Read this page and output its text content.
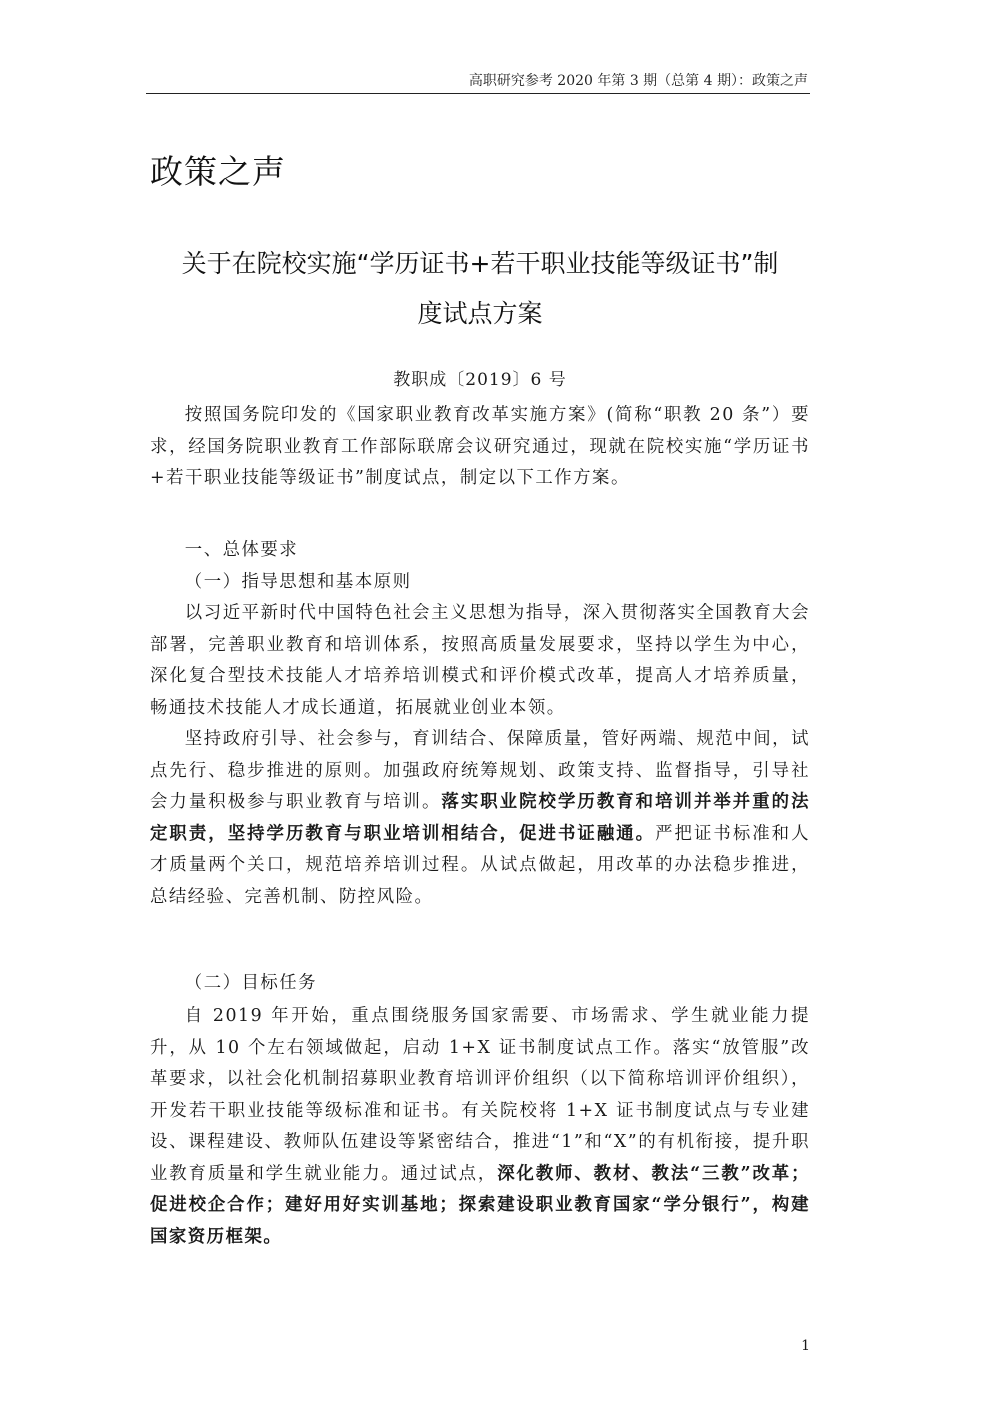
高职研究参考 2020 年第 3 期（总第 4 期）：政策之声
政策之声
关于在院校实施“学历证书+若干职业技能等级证书”制
度试点方案
教职成〔2019〕6 号

按照国务院印发的《国家职业教育改革实施方案》(简称“职教 20 条”）要求，经国务院职业教育工作部际联席会议研究通过，现就在院校实施“学历证书+若干职业技能等级证书”制度试点，制定以下工作方案。

一、总体要求
（一）指导思想和基本原则

以习近平新时代中国特色社会主义思想为指导，深入贯彻落实全国教育大会部署，完善职业教育和培训体系，按照高质量发展要求，坚持以学生为中心，深化复合型技术技能人才培养培训模式和评价模式改革，提高人才培养质量，畅通技术技能人才成长通道，拓展就业创业本领。

坚持政府引导、社会参与，育训结合、保障质量，管好两端、规范中间，试点先行、稳步推进的原则。加强政府统筹规划、政策支持、监督指导，引导社会力量积极参与职业教育与培训。落实职业院校学历教育和培训并举并重的法定职责，坚持学历教育与职业培训相结合，促进书证融通。严把证书标准和人才质量两个关口，规范培养培训过程。从试点做起，用改革的办法稳步推进，总结经验、完善机制、防控风险。

（二）目标任务

自 2019 年开始，重点围绕服务国家需要、市场需求、学生就业能力提升，从 10 个左右领域做起，启动 1+X 证书制度试点工作。落实“放管服”改革要求，以社会化机制招募职业教育培训评价组织（以下简称培训评价组织），开发若干职业技能等级标准和证书。有关院校将 1+X 证书制度试点与专业建设、课程建设、教师队伍建设等紧密结合，推进“1”和“X”的有机衔接，提升职业教育质量和学生就业能力。通过试点，深化教师、教材、教法“三教”改革；促进校企合作；建好用好实训基地；探索建设职业教育国家“学分银行”，构建国家资历框架。

1
